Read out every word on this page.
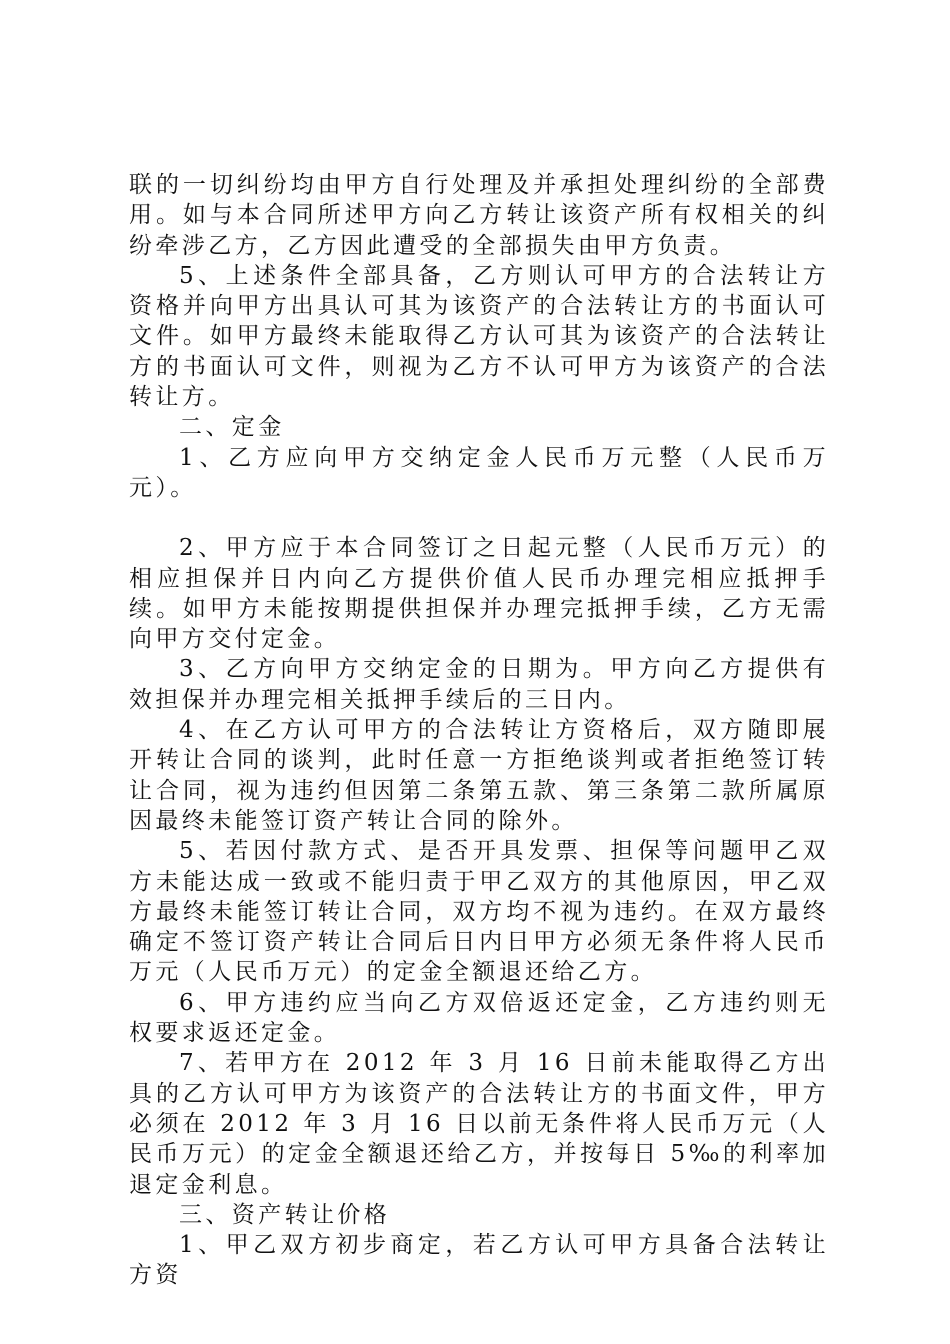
联的一切纠纷均由甲方自行处理及并承担处理纠纷的全部费用。如与本合同所述甲方向乙方转让该资产所有权相关的纠纷牵涉乙方，乙方因此遭受的全部损失由甲方负责。

5、上述条件全部具备，乙方则认可甲方的合法转让方资格并向甲方出具认可其为该资产的合法转让方的书面认可文件。如甲方最终未能取得乙方认可其为该资产的合法转让方的书面认可文件，则视为乙方不认可甲方为该资产的合法转让方。

二、定金

1、乙方应向甲方交纳定金人民币万元整（人民币万元）。

2、甲方应于本合同签订之日起元整（人民币万元）的相应担保并日内向乙方提供价值人民币办理完相应抵押手续。如甲方未能按期提供担保并办理完抵押手续，乙方无需向甲方交付定金。

3、乙方向甲方交纳定金的日期为。甲方向乙方提供有效担保并办理完相关抵押手续后的三日内。

4、在乙方认可甲方的合法转让方资格后，双方随即展开转让合同的谈判，此时任意一方拒绝谈判或者拒绝签订转让合同，视为违约但因第二条第五款、第三条第二款所属原因最终未能签订资产转让合同的除外。

5、若因付款方式、是否开具发票、担保等问题甲乙双方未能达成一致或不能归责于甲乙双方的其他原因，甲乙双方最终未能签订转让合同，双方均不视为违约。在双方最终确定不签订资产转让合同后日内日甲方必须无条件将人民币万元（人民币万元）的定金全额退还给乙方。

6、甲方违约应当向乙方双倍返还定金，乙方违约则无权要求返还定金。

7、若甲方在 2012 年 3 月 16 日前未能取得乙方出具的乙方认可甲方为该资产的合法转让方的书面文件，甲方必须在 2012 年 3 月 16 日以前无条件将人民币万元（人民币万元）的定金全额退还给乙方，并按每日 5‰的利率加退定金利息。

三、资产转让价格

1、甲乙双方初步商定，若乙方认可甲方具备合法转让方资
